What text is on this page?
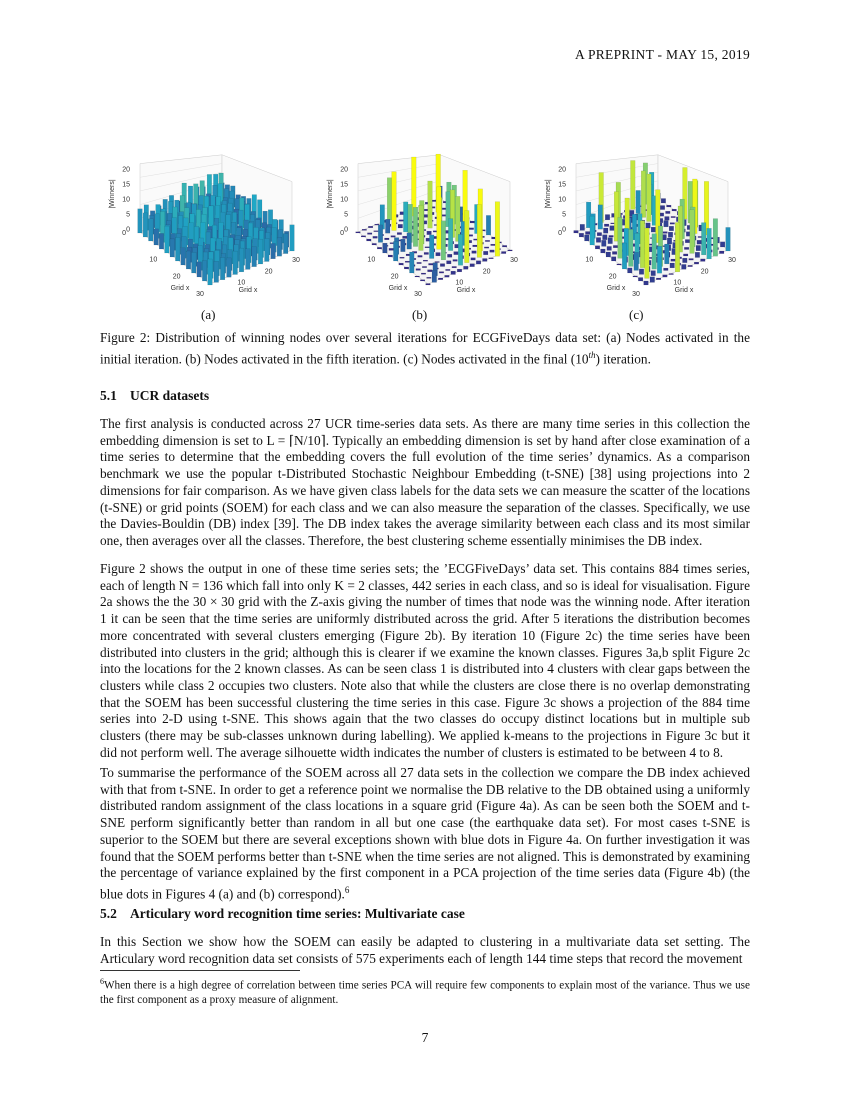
A PREPRINT - MAY 15, 2019
20
15
10
5
0
0
|Winners|
10
20
30
10
20
30
Grid x	Grid x
20
15
10
5
0
0
|Winners|
10
20
30
10
20
30
Grid x	Grid x
20
15
10
5
0
0
|Winners|
10
20
30
10
20
30
Grid x	Grid x
(a)	(b)	(c)
Figure 2: Distribution of winning nodes over several iterations for ECGFiveDays data set: (a) Nodes activated in the initial iteration. (b) Nodes activated in the fifth iteration. (c) Nodes activated in the final (10th) iteration.
5.1 UCR datasets

The first analysis is conducted across 27 UCR time-series data sets. As there are many time series in this collection the embedding dimension is set to L = ⌈N/10⌉. Typically an embedding dimension is set by hand after close examination of a time series to determine that the embedding covers the full evolution of the time series’ dynamics. As a comparison benchmark we use the popular t-Distributed Stochastic Neighbour Embedding (t-SNE) [38] using projections into 2 dimensions for fair comparison. As we have given class labels for the data sets we can measure the scatter of the locations (t-SNE) or grid points (SOEM) for each class and we can also measure the separation of the classes. Specifically, we use the Davies-Bouldin (DB) index [39]. The DB index takes the average similarity between each class and its most similar one, then averages over all the classes. Therefore, the best clustering scheme essentially minimises the DB index.

Figure 2 shows the output in one of these time series sets; the ’ECGFiveDays’ data set. This contains 884 times series, each of length N = 136 which fall into only K = 2 classes, 442 series in each class, and so is ideal for visualisation. Figure 2a shows the the 30 × 30 grid with the Z-axis giving the number of times that node was the winning node. After iteration 1 it can be seen that the time series are uniformly distributed across the grid. After 5 iterations the distribution becomes more concentrated with several clusters emerging (Figure 2b). By iteration 10 (Figure 2c) the time series have been distributed into clusters in the grid; although this is clearer if we examine the known classes. Figures 3a,b split Figure 2c into the locations for the 2 known classes. As can be seen class 1 is distributed into 4 clusters with clear gaps between the clusters while class 2 occupies two clusters. Note also that while the clusters are close there is no overlap demonstrating that the SOEM has been successful clustering the time series in this case. Figure 3c shows a projection of the 884 time series into 2-D using t-SNE. This shows again that the two classes do occupy distinct locations but in multiple sub clusters (there may be sub-classes unknown during labelling). We applied k-means to the projections in Figure 3c but it did not perform well. The average silhouette width indicates the number of clusters is estimated to be between 4 to 8.

To summarise the performance of the SOEM across all 27 data sets in the collection we compare the DB index achieved with that from t-SNE. In order to get a reference point we normalise the DB relative to the DB obtained using a uniformly distributed random assignment of the class locations in a square grid (Figure 4a). As can be seen both the SOEM and t-SNE perform significantly better than random in all but one case (the earthquake data set). For most cases t-SNE is superior to the SOEM but there are several exceptions shown with blue dots in Figure 4a. On further investigation it was found that the SOEM performs better than t-SNE when the time series are not aligned. This is demonstrated by examining the percentage of variance explained by the first component in a PCA projection of the time series data (Figure 4b) (the blue dots in Figures 4 (a) and (b) correspond).$^6$

5.2 Articulary word recognition time series: Multivariate case

In this Section we show how the SOEM can easily be adapted to clustering in a multivariate data set setting. The Articulary word recognition data set consists of 575 experiments each of length 144 time steps that record the movement

$^6$When there is a high degree of correlation between time series PCA will require few components to explain most of the variance. Thus we use the first component as a proxy measure of alignment.
7
